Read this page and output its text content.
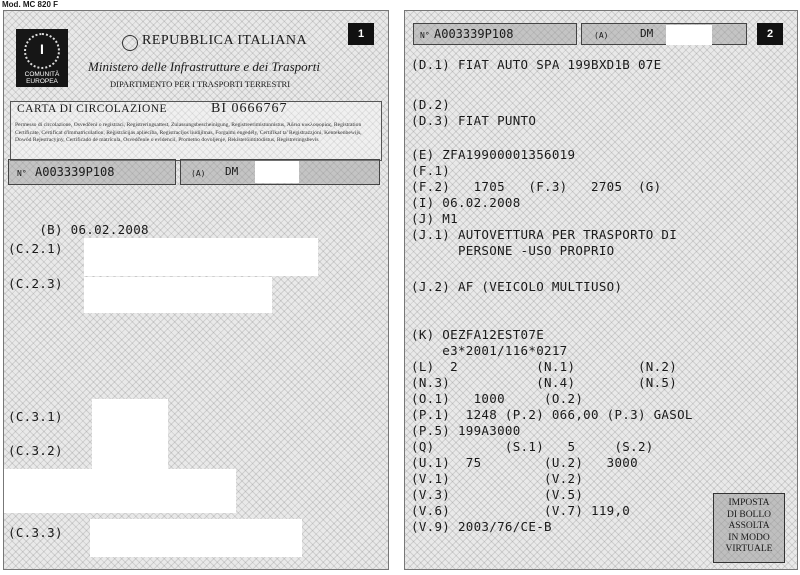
Mod. MC 820 F
1
I
COMUNITÀ EUROPEA
REPUBBLICA ITALIANA
Ministero delle Infrastrutture e dei Trasporti
DIPARTIMENTO PER I TRASPORTI TERRESTRI
CARTA DI CIRCOLAZIONE	BI 0666767
Permesso di circolazione, Osvedčení o registraci, Registreringsattest, Zulassungsbescheinigung, Registreerimistunnistus, Άδεια κυκλοφορίας, Registration Certificate, Certificat d'immatriculation, Reģistrācijas apliecība, Registracijos liudijimas, Forgalmi engedély, Certifikat ta' Registrazzjoni, Kentekenbewijs, Dowód Rejestracyjny, Certificado de matrícula, Osvedčenie o evidencii, Prometno dovoljenje, Rekisteröintitodistus, Registreringsbevis
N° A003339P108	(A) DM

(B) 06.02.2008

(C.2.1)
(C.2.3)
(C.3.1)
(C.3.2)
(C.3.3)
2
N° A003339P108	(A)	DM
(D.1) FIAT AUTO SPA 199BXD1B 07E
(D.2)
(D.3) FIAT PUNTO
(E) ZFA19900001356019
(F.1)
(F.2)   1705   (F.3)   2705  (G)
(I) 06.02.2008
(J) M1
(J.1) AUTOVETTURA PER TRASPORTO DI
PERSONE -USO PROPRIO
(J.2) AF (VEICOLO MULTIUSO)
(K) OEZFA12EST07E
e3*2001/116*0217
(L)  2          (N.1)        (N.2)
(N.3)           (N.4)        (N.5)
(O.1)   1000     (O.2)
(P.1)  1248 (P.2) 066,00 (P.3) GASOL
(P.5) 199A3000
(Q)         (S.1)   5     (S.2)
(U.1)  75        (U.2)   3000
(V.1)            (V.2)
(V.3)            (V.5)
(V.6)            (V.7) 119,0
(V.9) 2003/76/CE-B
IMPOSTA
DI BOLLO
ASSOLTA
IN MODO
VIRTUALE
